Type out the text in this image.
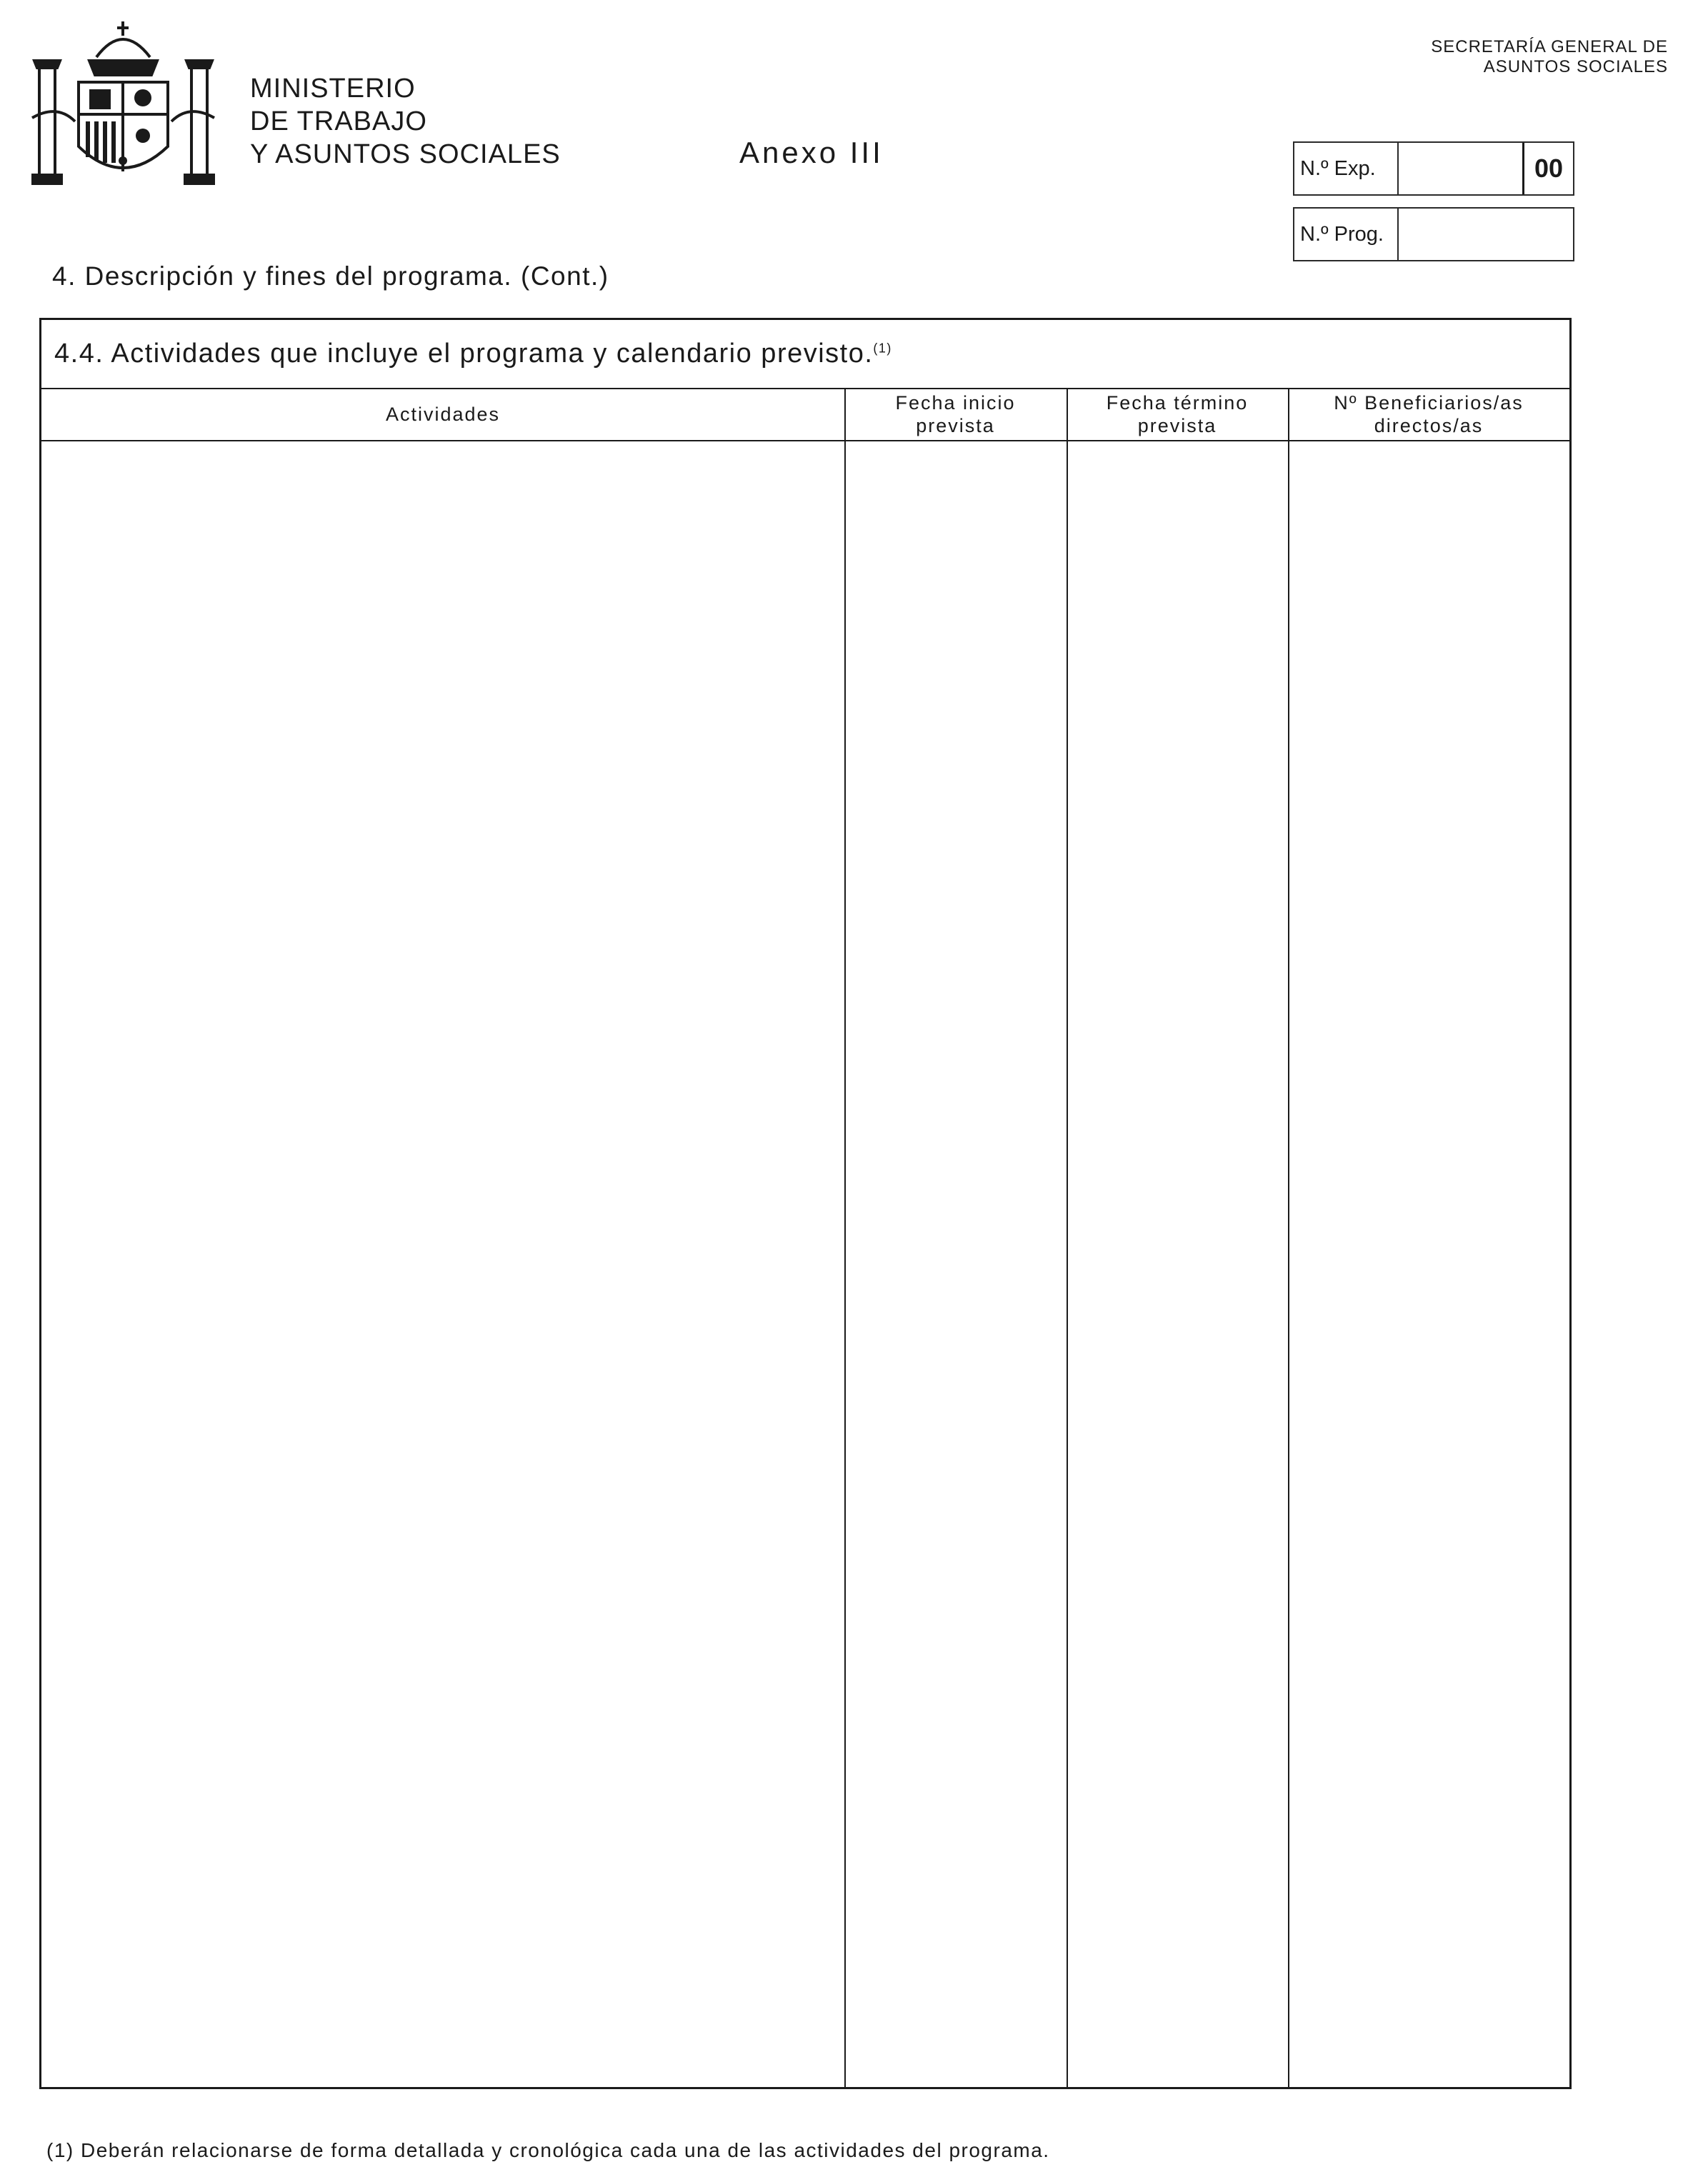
MINISTERIO
DE TRABAJO
Y ASUNTOS SOCIALES	Anexo III
SECRETARÍA GENERAL DE
ASUNTOS SOCIALES
N.º Exp.	00
N.º Prog.
4. Descripción y fines del programa. (Cont.)
4.4. Actividades que incluye el programa y calendario previsto.$^{(1)}$
Actividades
Fecha inicio
prevista
Fecha término
prevista
Nº Beneficiarios/as
directos/as
(1) Deberán relacionarse de forma detallada y cronológica cada una de las actividades del programa.
